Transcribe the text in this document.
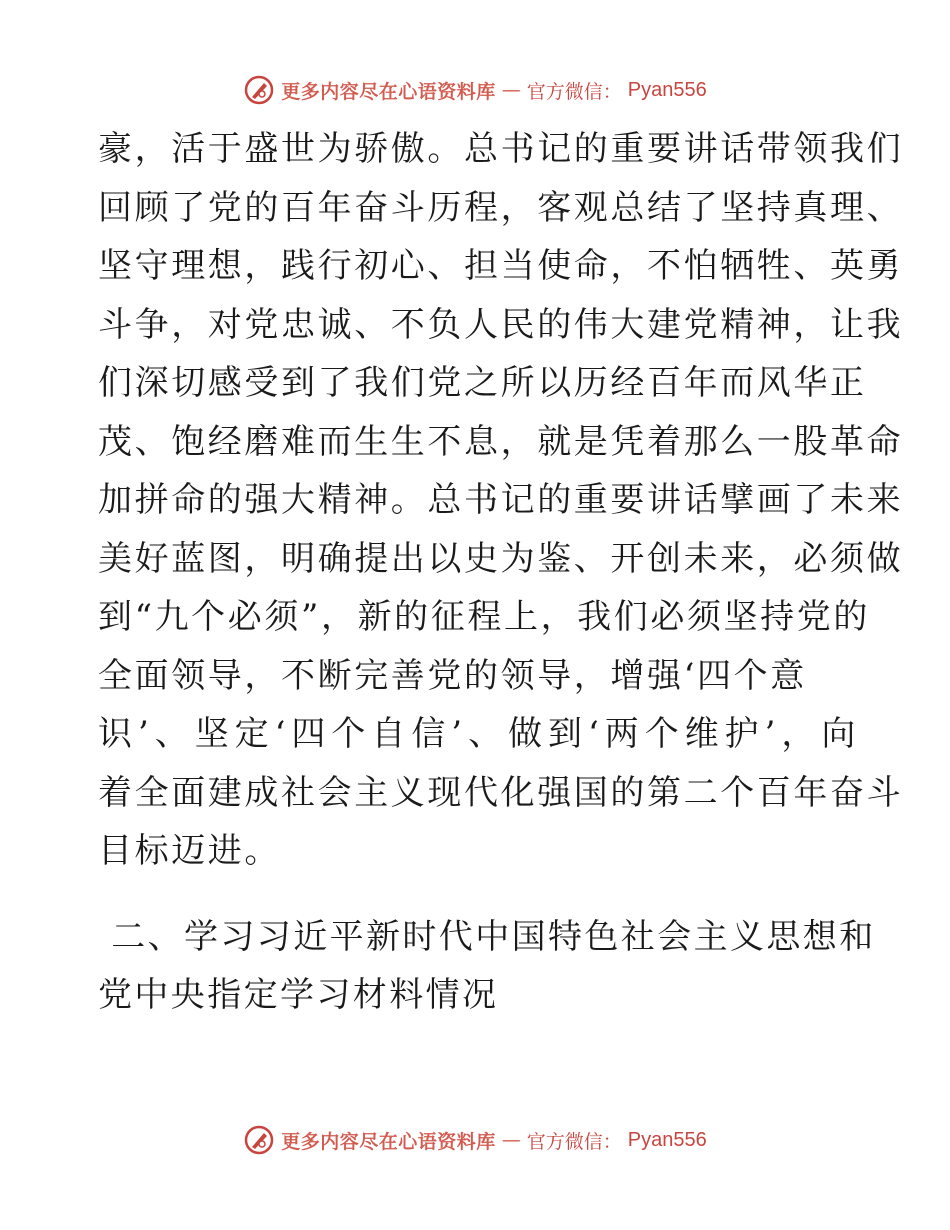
更多内容尽在心语资料库 — 官方微信： Pyan556
豪，活于盛世为骄傲。总书记的重要讲话带领我们
回顾了党的百年奋斗历程，客观总结了坚持真理、
坚守理想，践行初心、担当使命，不怕牺牲、英勇
斗争，对党忠诚、不负人民的伟大建党精神，让我
们深切感受到了我们党之所以历经百年而风华正
茂、饱经磨难而生生不息，就是凭着那么一股革命
加拼命的强大精神。总书记的重要讲话擘画了未来
美好蓝图，明确提出以史为鉴、开创未来，必须做
到“九个必须”，新的征程上，我们必须坚持党的
全面领导，不断完善党的领导，增强‘四个意
识’、坚定‘四个自信’、做到‘两个维护’，向
着全面建成社会主义现代化强国的第二个百年奋斗
目标迈进。
二、学习习近平新时代中国特色社会主义思想和
党中央指定学习材料情况
更多内容尽在心语资料库 — 官方微信： Pyan556
